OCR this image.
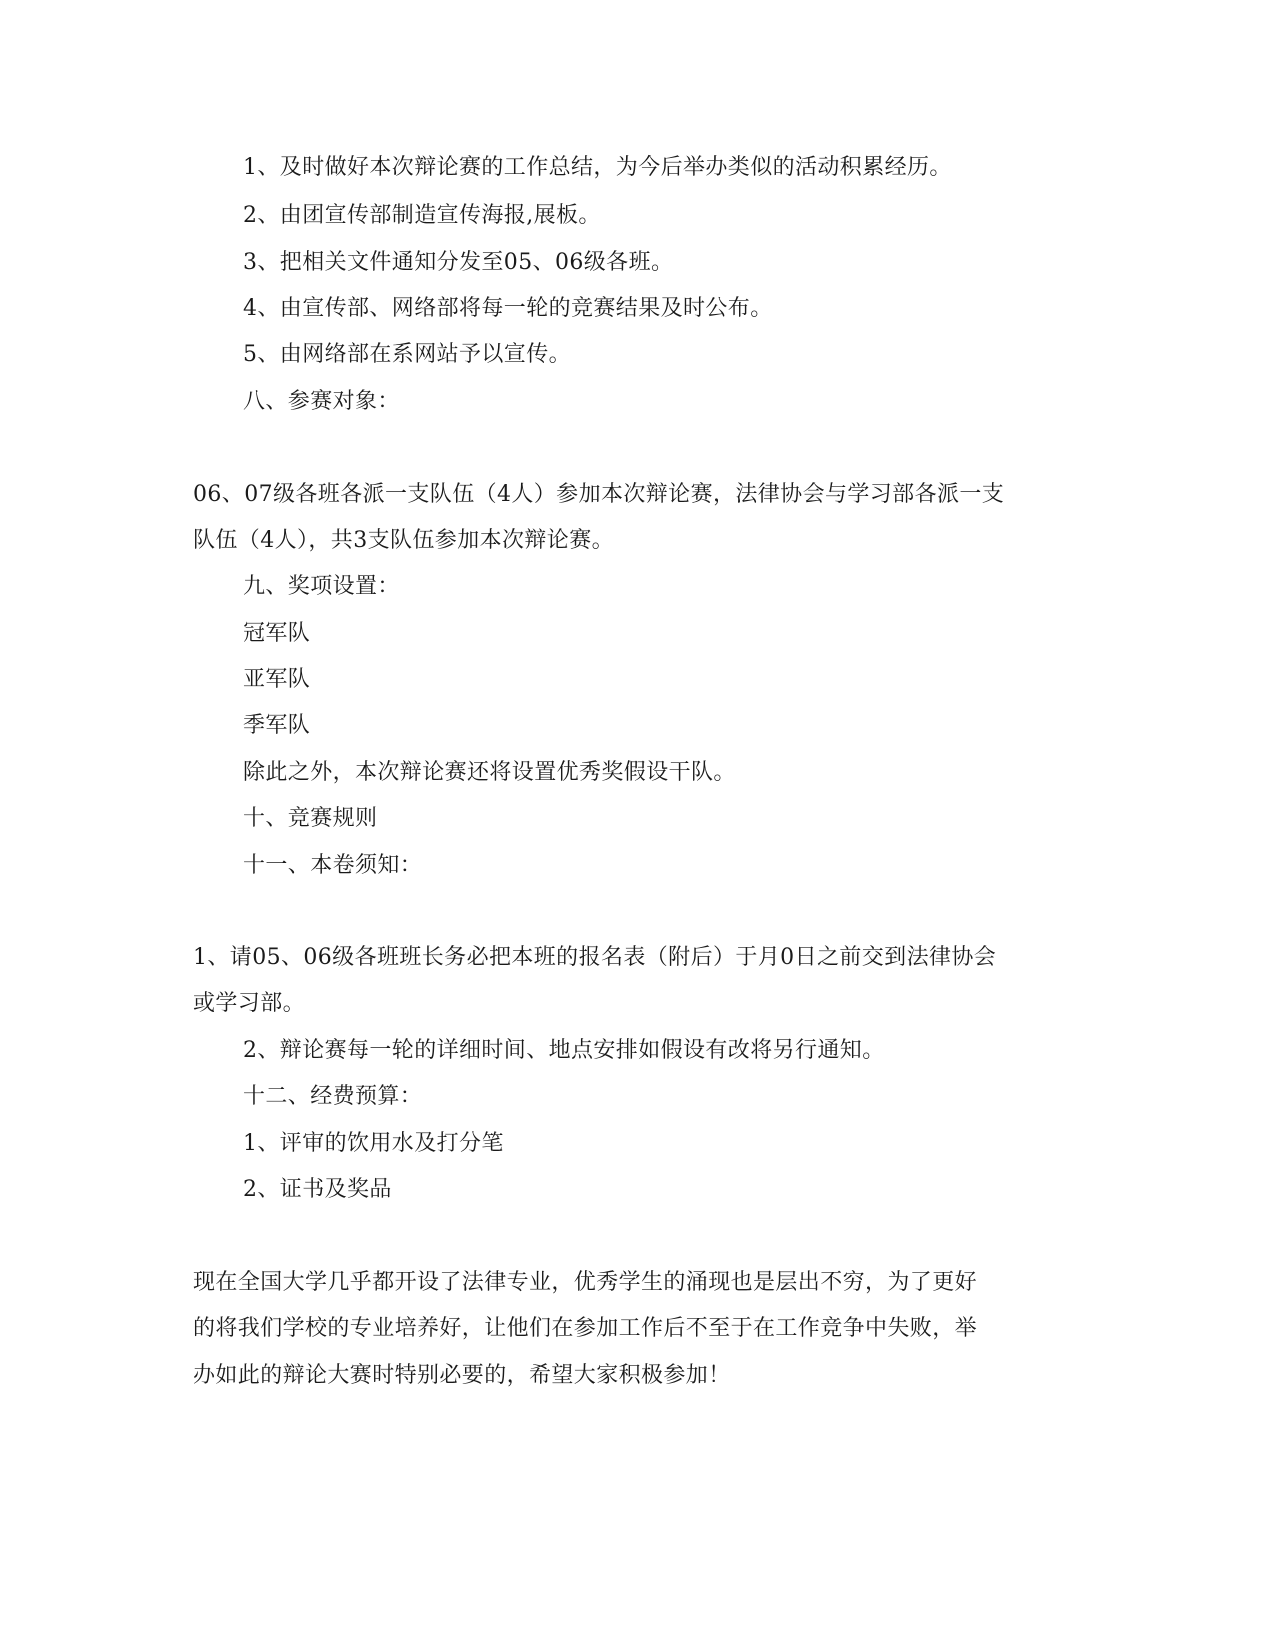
1、及时做好本次辩论赛的工作总结，为今后举办类似的活动积累经历。

2、由团宣传部制造宣传海报,展板。

3、把相关文件通知分发至05、06级各班。

4、由宣传部、网络部将每一轮的竞赛结果及时公布。

5、由网络部在系网站予以宣传。

八、参赛对象：

06、07级各班各派一支队伍（4人）参加本次辩论赛，法律协会与学习部各派一支

队伍（4人），共3支队伍参加本次辩论赛。

九、奖项设置：

冠军队

亚军队

季军队

除此之外，本次辩论赛还将设置优秀奖假设干队。

十、竞赛规则

十一、本卷须知：

1、请05、06级各班班长务必把本班的报名表（附后）于月0日之前交到法律协会

或学习部。

2、辩论赛每一轮的详细时间、地点安排如假设有改将另行通知。

十二、经费预算：

1、评审的饮用水及打分笔

2、证书及奖品

现在全国大学几乎都开设了法律专业，优秀学生的涌现也是层出不穷，为了更好

的将我们学校的专业培养好，让他们在参加工作后不至于在工作竞争中失败，举

办如此的辩论大赛时特别必要的，希望大家积极参加！
